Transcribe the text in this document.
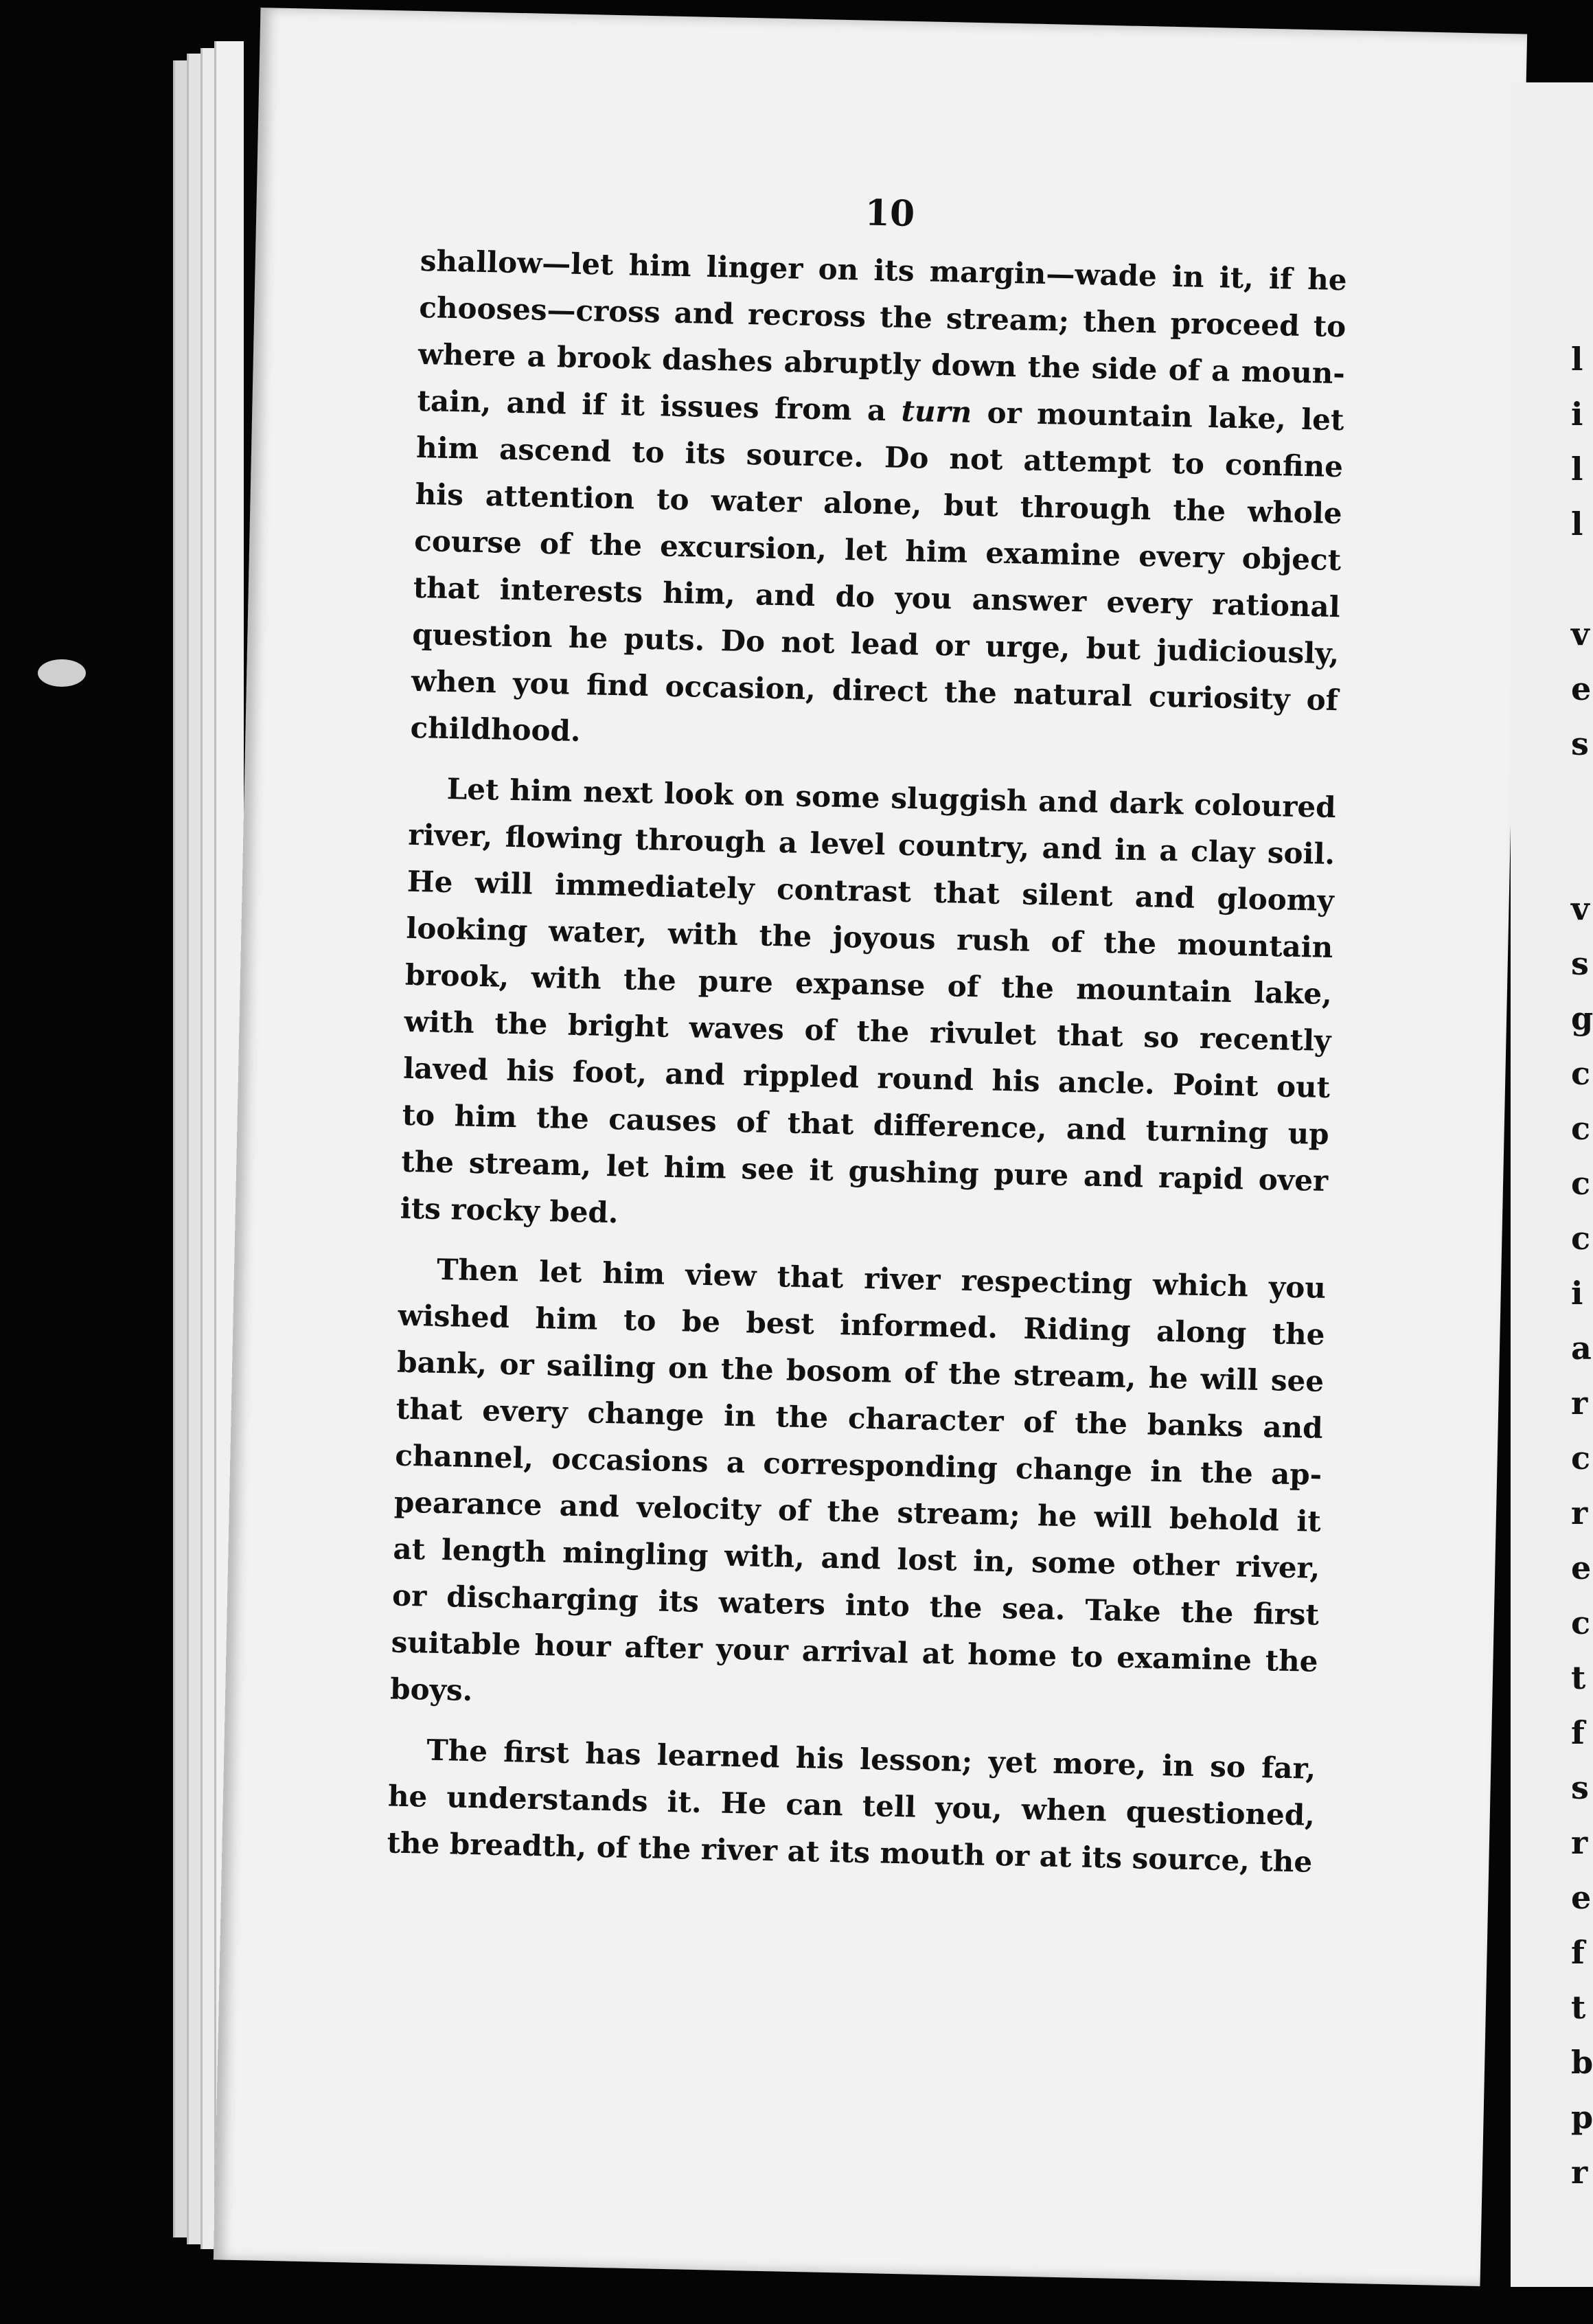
10
shallow—let him linger on its margin—wade in it, if he
chooses—cross and recross the stream; then proceed to
where a brook dashes abruptly down the side of a moun-
tain, and if it issues from a turn or mountain lake, let
him ascend to its source. Do not attempt to confine
his attention to water alone, but through the whole
course of the excursion, let him examine every object
that interests him, and do you answer every rational
question he puts. Do not lead or urge, but judiciously,
when you find occasion, direct the natural curiosity of
childhood.
Let him next look on some sluggish and dark coloured
river, flowing through a level country, and in a clay soil.
He will immediately contrast that silent and gloomy
looking water, with the joyous rush of the mountain
brook, with the pure expanse of the mountain lake,
with the bright waves of the rivulet that so recently
laved his foot, and rippled round his ancle. Point out
to him the causes of that difference, and turning up
the stream, let him see it gushing pure and rapid over
its rocky bed.
Then let him view that river respecting which you
wished him to be best informed. Riding along the
bank, or sailing on the bosom of the stream, he will see
that every change in the character of the banks and
channel, occasions a corresponding change in the ap-
pearance and velocity of the stream; he will behold it
at length mingling with, and lost in, some other river,
or discharging its waters into the sea. Take the first
suitable hour after your arrival at home to examine the
boys.
The first has learned his lesson; yet more, in so far,
he understands it. He can tell you, when questioned,
the breadth, of the river at its mouth or at its source, the
l
i
l
l
v
e
s
v
s
g
c
c
c
c
i
a
r
c
r
e
c
t
f
s
r
e
f
t
b
p
r
